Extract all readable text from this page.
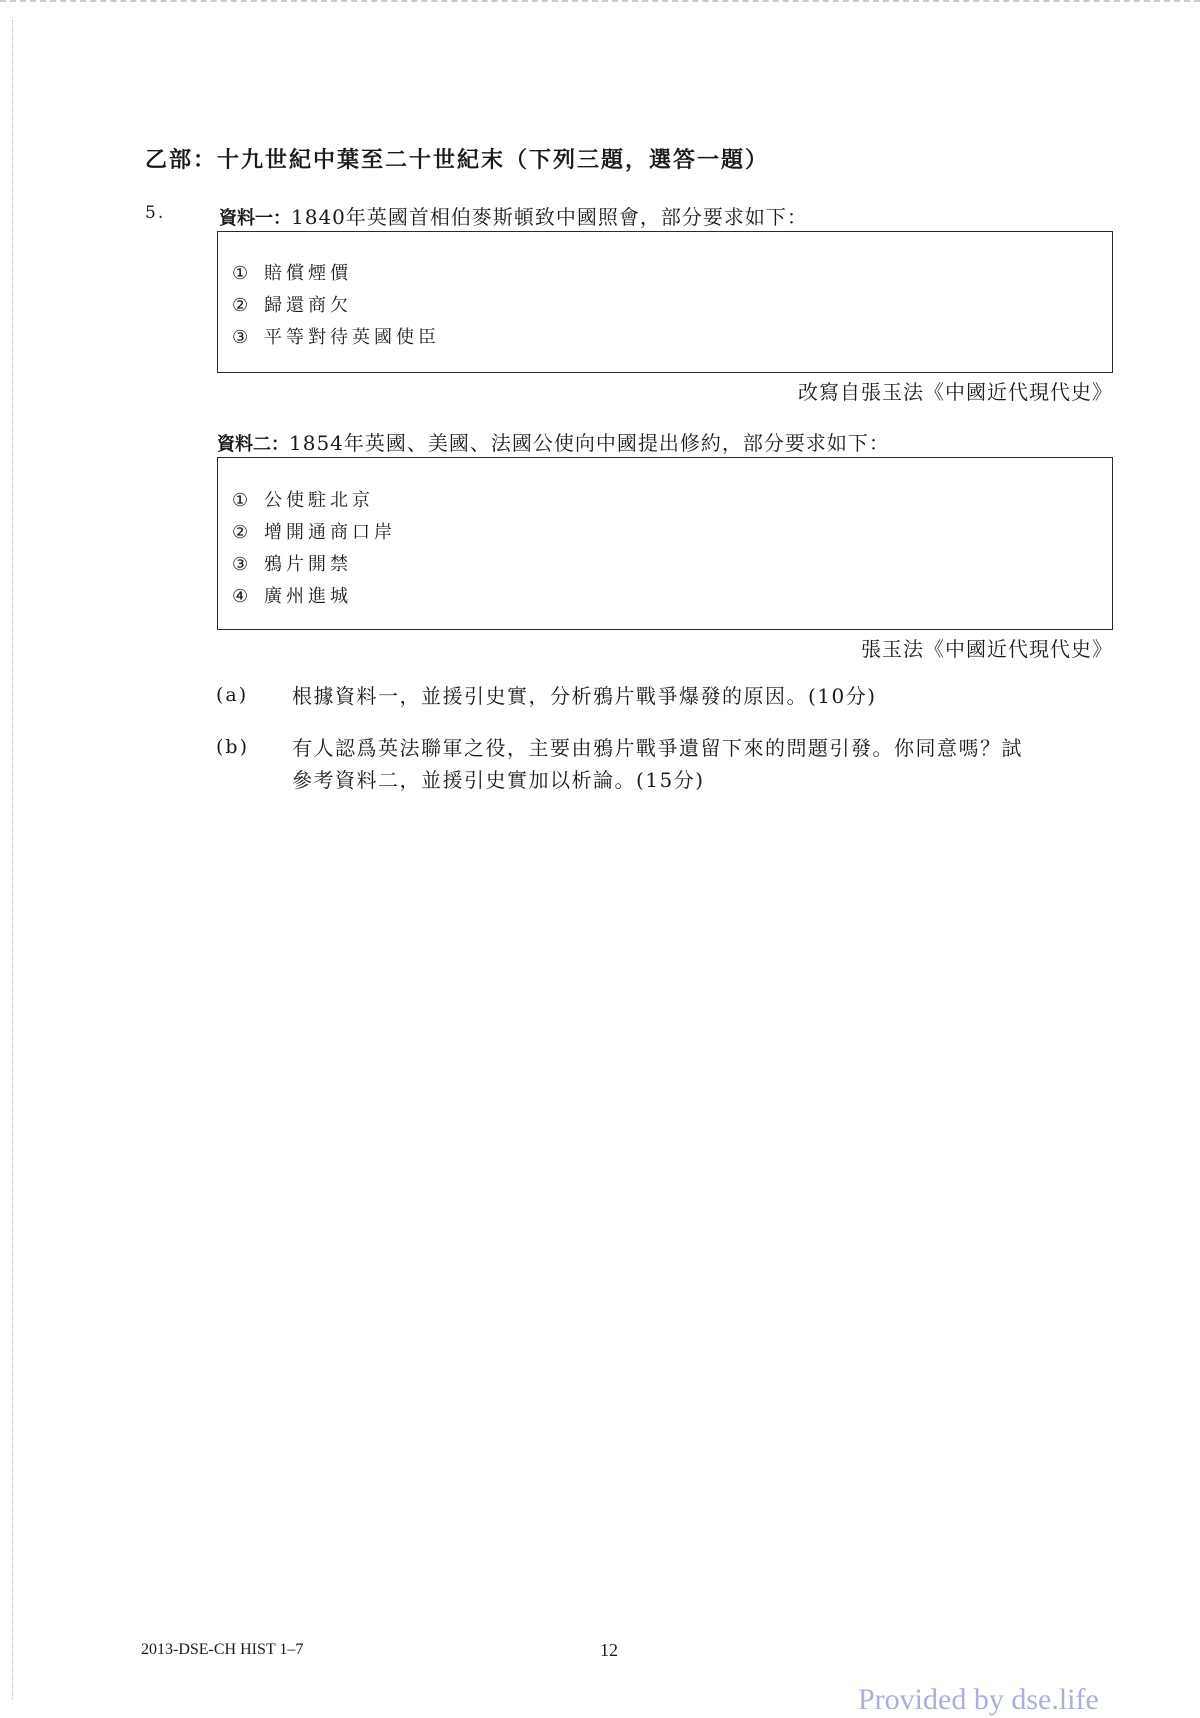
乙部：十九世紀中葉至二十世紀末（下列三題，選答一題）
5.	資料一：1840年英國首相伯麥斯頓致中國照會，部分要求如下：
① 賠償煙價
② 歸還商欠
③ 平等對待英國使臣
改寫自張玉法《中國近代現代史》
資料二：1854年英國、美國、法國公使向中國提出修約，部分要求如下：
① 公使駐北京
② 增開通商口岸
③ 鴉片開禁
④ 廣州進城
張玉法《中國近代現代史》
(a) 根據資料一，並援引史實，分析鴉片戰爭爆發的原因。(10分)
(b) 有人認爲英法聯軍之役，主要由鴉片戰爭遺留下來的問題引發。你同意嗎？試
參考資料二，並援引史實加以析論。(15分)
2013-DSE-CH HIST 1–7	12
Provided by dse.life
